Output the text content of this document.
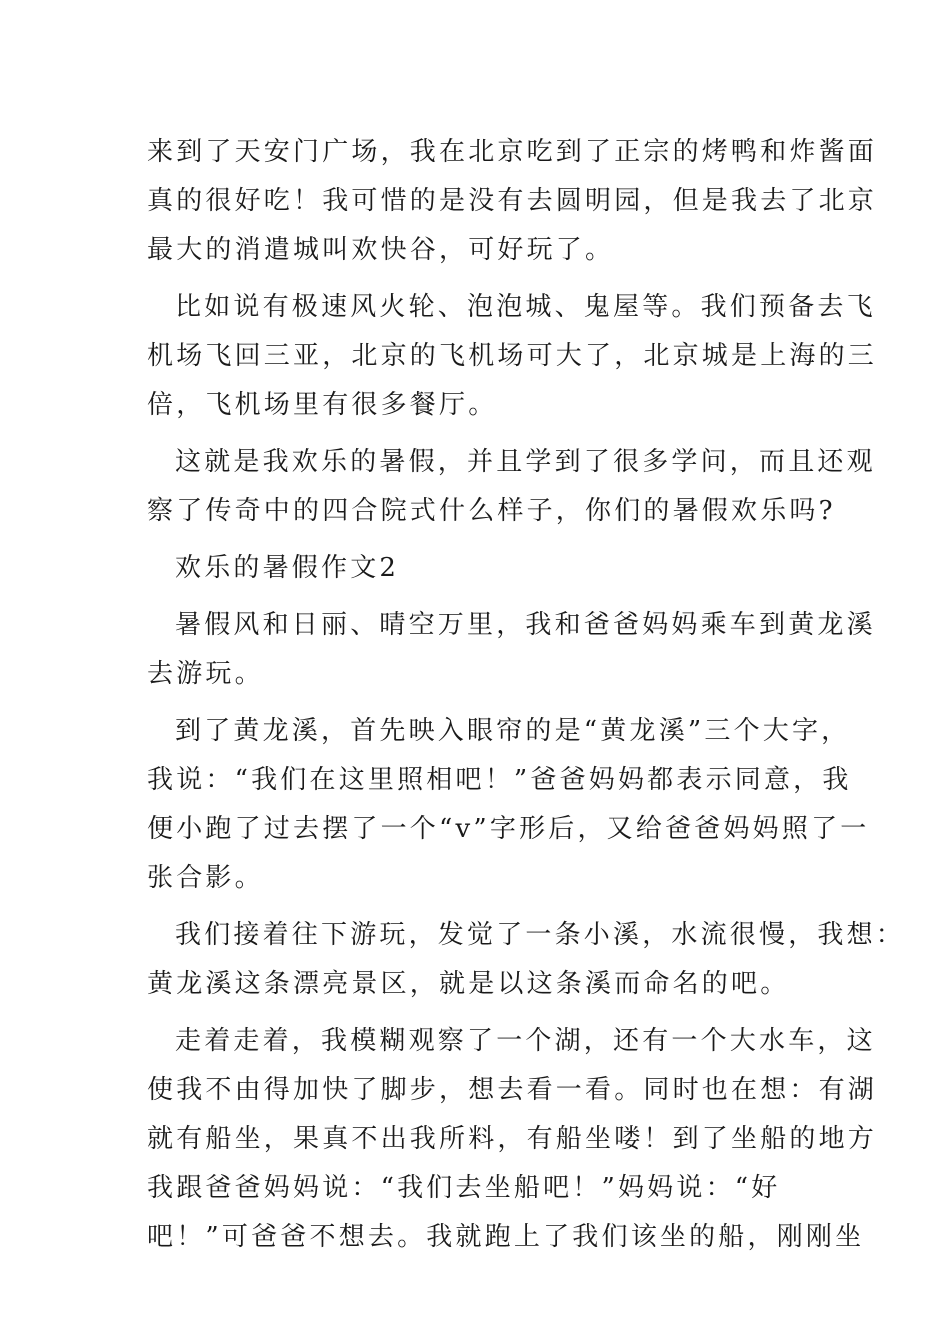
来到了天安门广场，我在北京吃到了正宗的烤鸭和炸酱面
真的很好吃！我可惜的是没有去圆明园，但是我去了北京
最大的消遣城叫欢快谷，可好玩了。
比如说有极速风火轮、泡泡城、鬼屋等。我们预备去飞
机场飞回三亚，北京的飞机场可大了，北京城是上海的三
倍，飞机场里有很多餐厅。
这就是我欢乐的暑假，并且学到了很多学问，而且还观
察了传奇中的四合院式什么样子，你们的暑假欢乐吗?
欢乐的暑假作文2
暑假风和日丽、晴空万里，我和爸爸妈妈乘车到黄龙溪
去游玩。
到了黄龙溪，首先映入眼帘的是“黄龙溪”三个大字，
我说：“我们在这里照相吧！”爸爸妈妈都表示同意，我
便小跑了过去摆了一个“v”字形后，又给爸爸妈妈照了一
张合影。
我们接着往下游玩，发觉了一条小溪，水流很慢，我想：
黄龙溪这条漂亮景区，就是以这条溪而命名的吧。
走着走着，我模糊观察了一个湖，还有一个大水车，这
使我不由得加快了脚步，想去看一看。同时也在想：有湖
就有船坐，果真不出我所料，有船坐喽！到了坐船的地方
我跟爸爸妈妈说：“我们去坐船吧！”妈妈说：“好
吧！”可爸爸不想去。我就跑上了我们该坐的船，刚刚坐
